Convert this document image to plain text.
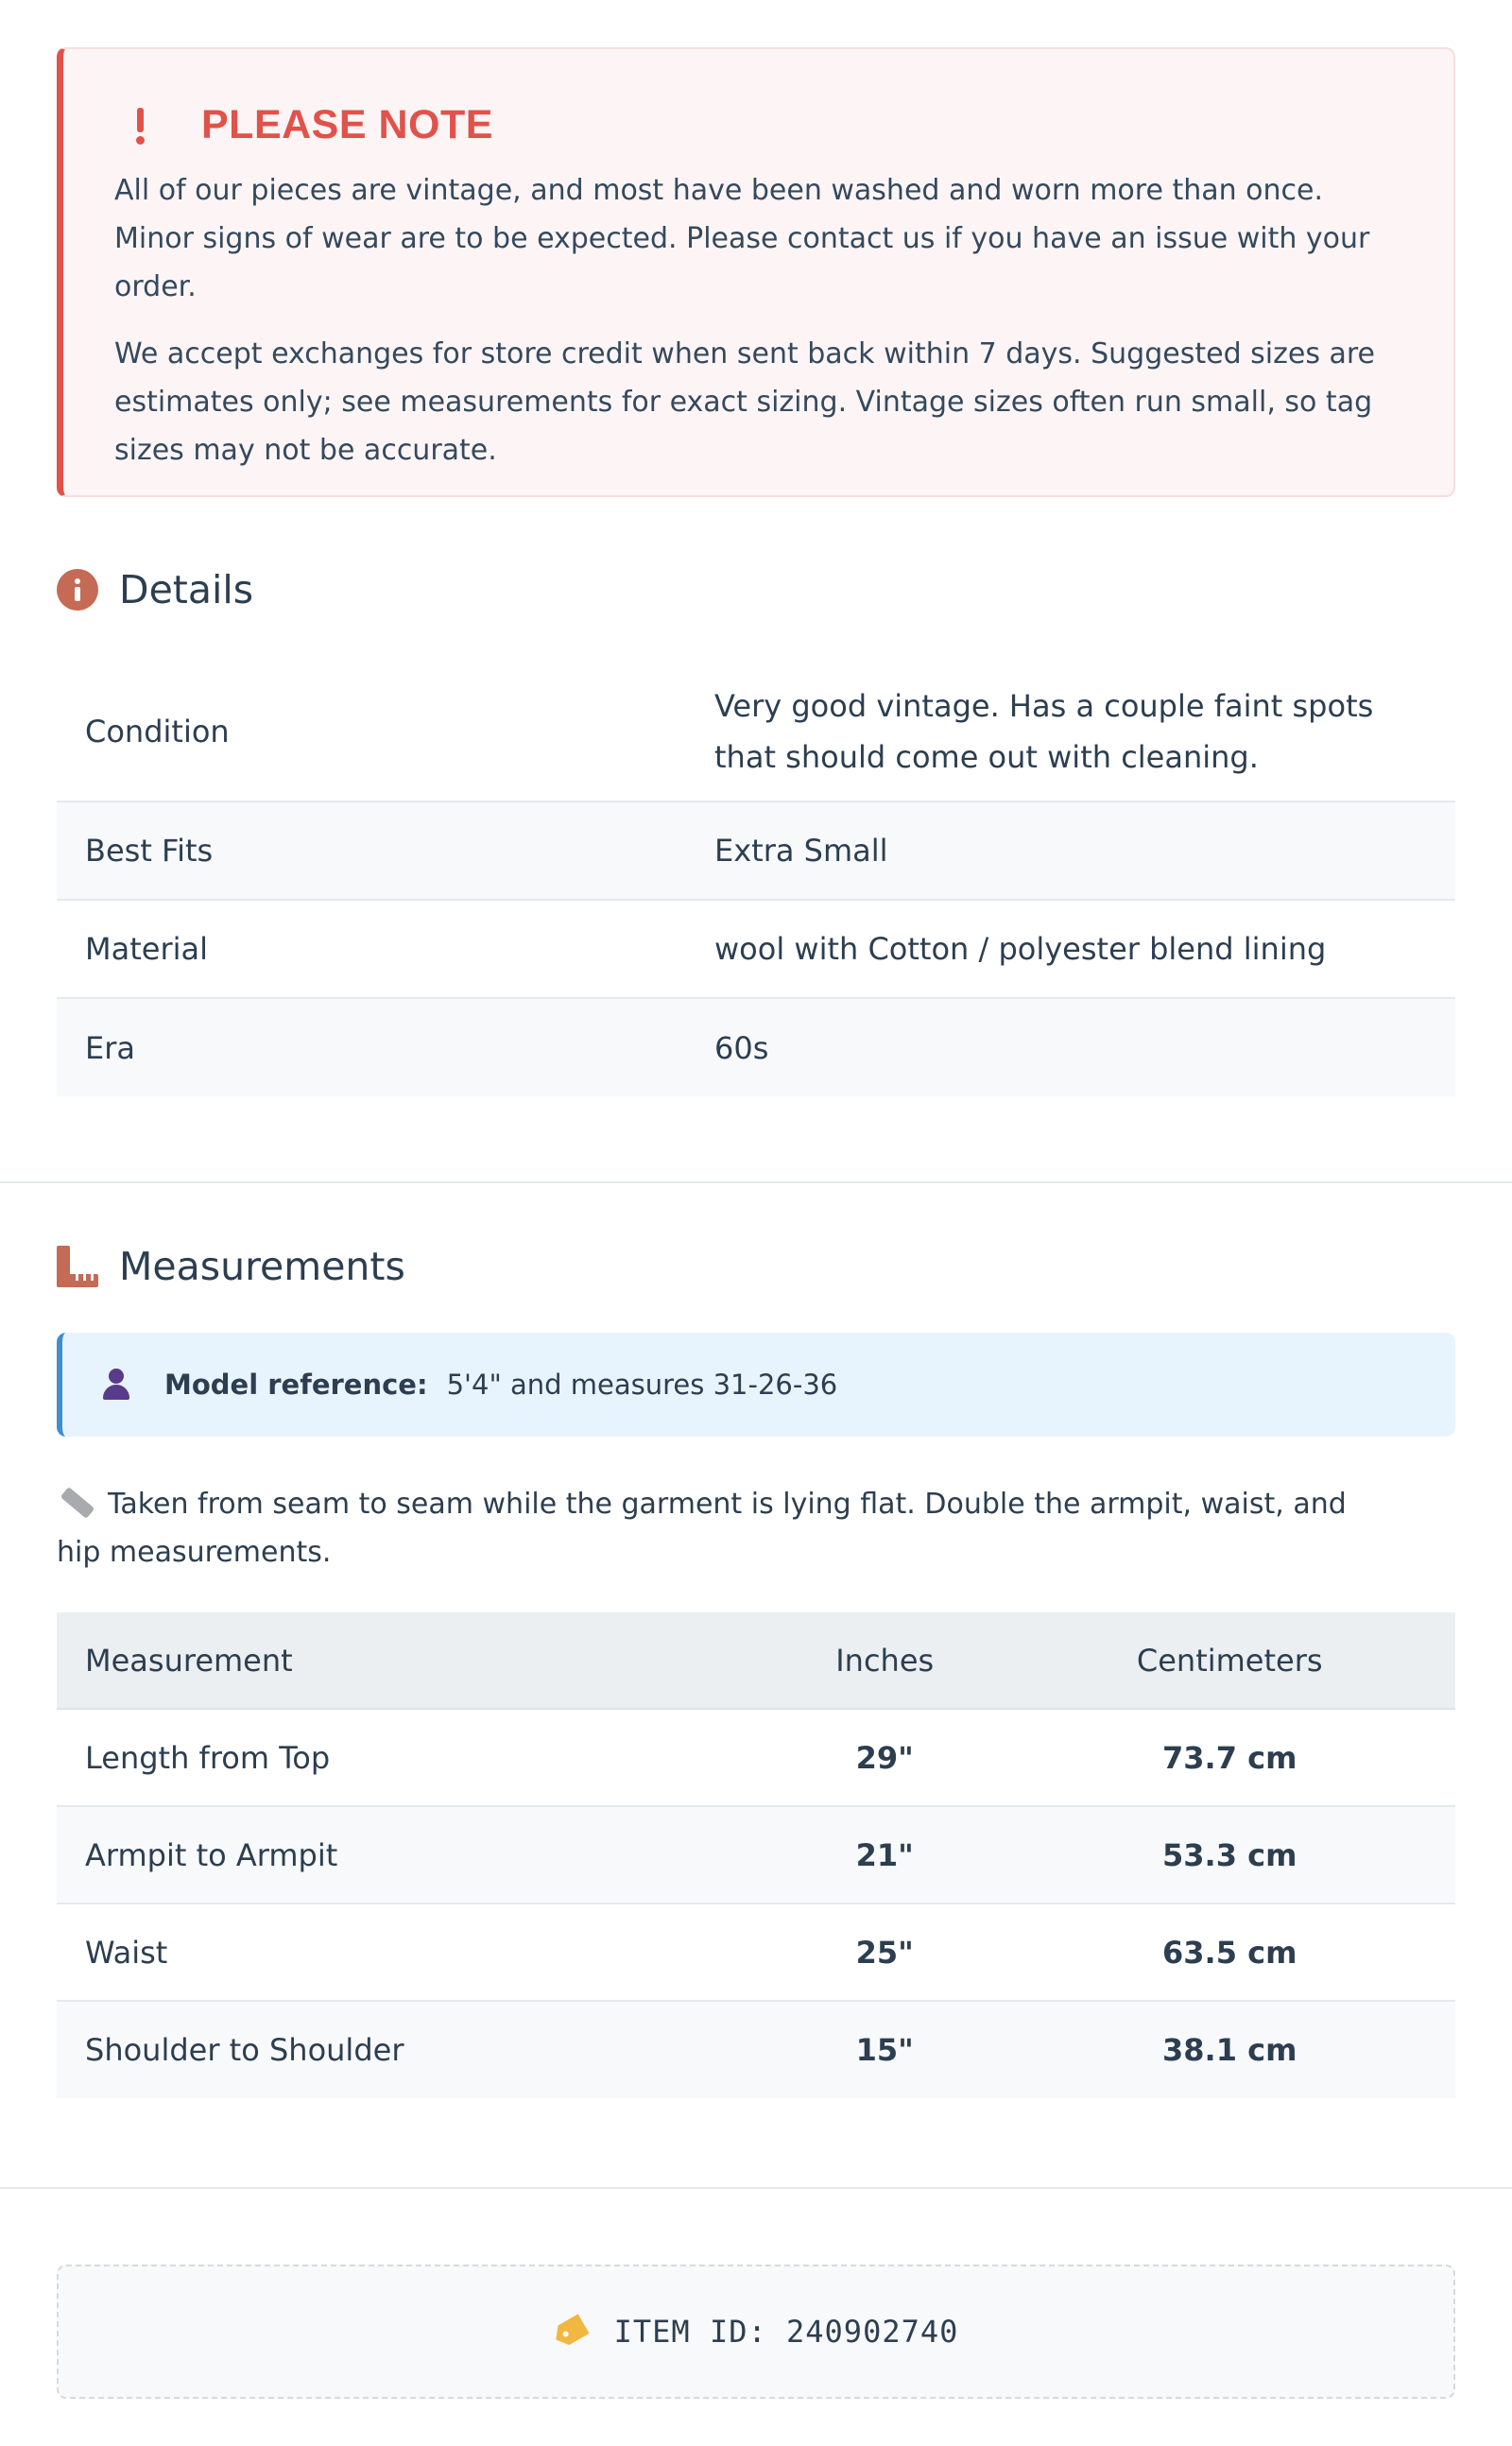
PLEASE NOTE

All of our pieces are vintage, and most have been washed and worn more than once. Minor signs of wear are to be expected. Please contact us if you have an issue with your order.

We accept exchanges for store credit when sent back within 7 days. Suggested sizes are estimates only; see measurements for exact sizing. Vintage sizes often run small, so tag sizes may not be accurate.

Details
Condition	Very good vintage. Has a couple faint spots that should come out with cleaning.
Best Fits	Extra Small
Material	wool with Cotton / polyester blend lining
Era	60s
Measurements
Model reference: 5'4" and measures 31-26-36
Taken from seam to seam while the garment is lying flat. Double the armpit, waist, and hip measurements.
Measurement	Inches	Centimeters
Length from Top	29"	73.7 cm
Armpit to Armpit	21"	53.3 cm
Waist	25"	63.5 cm
Shoulder to Shoulder	15"	38.1 cm
ITEM ID: 240902740
